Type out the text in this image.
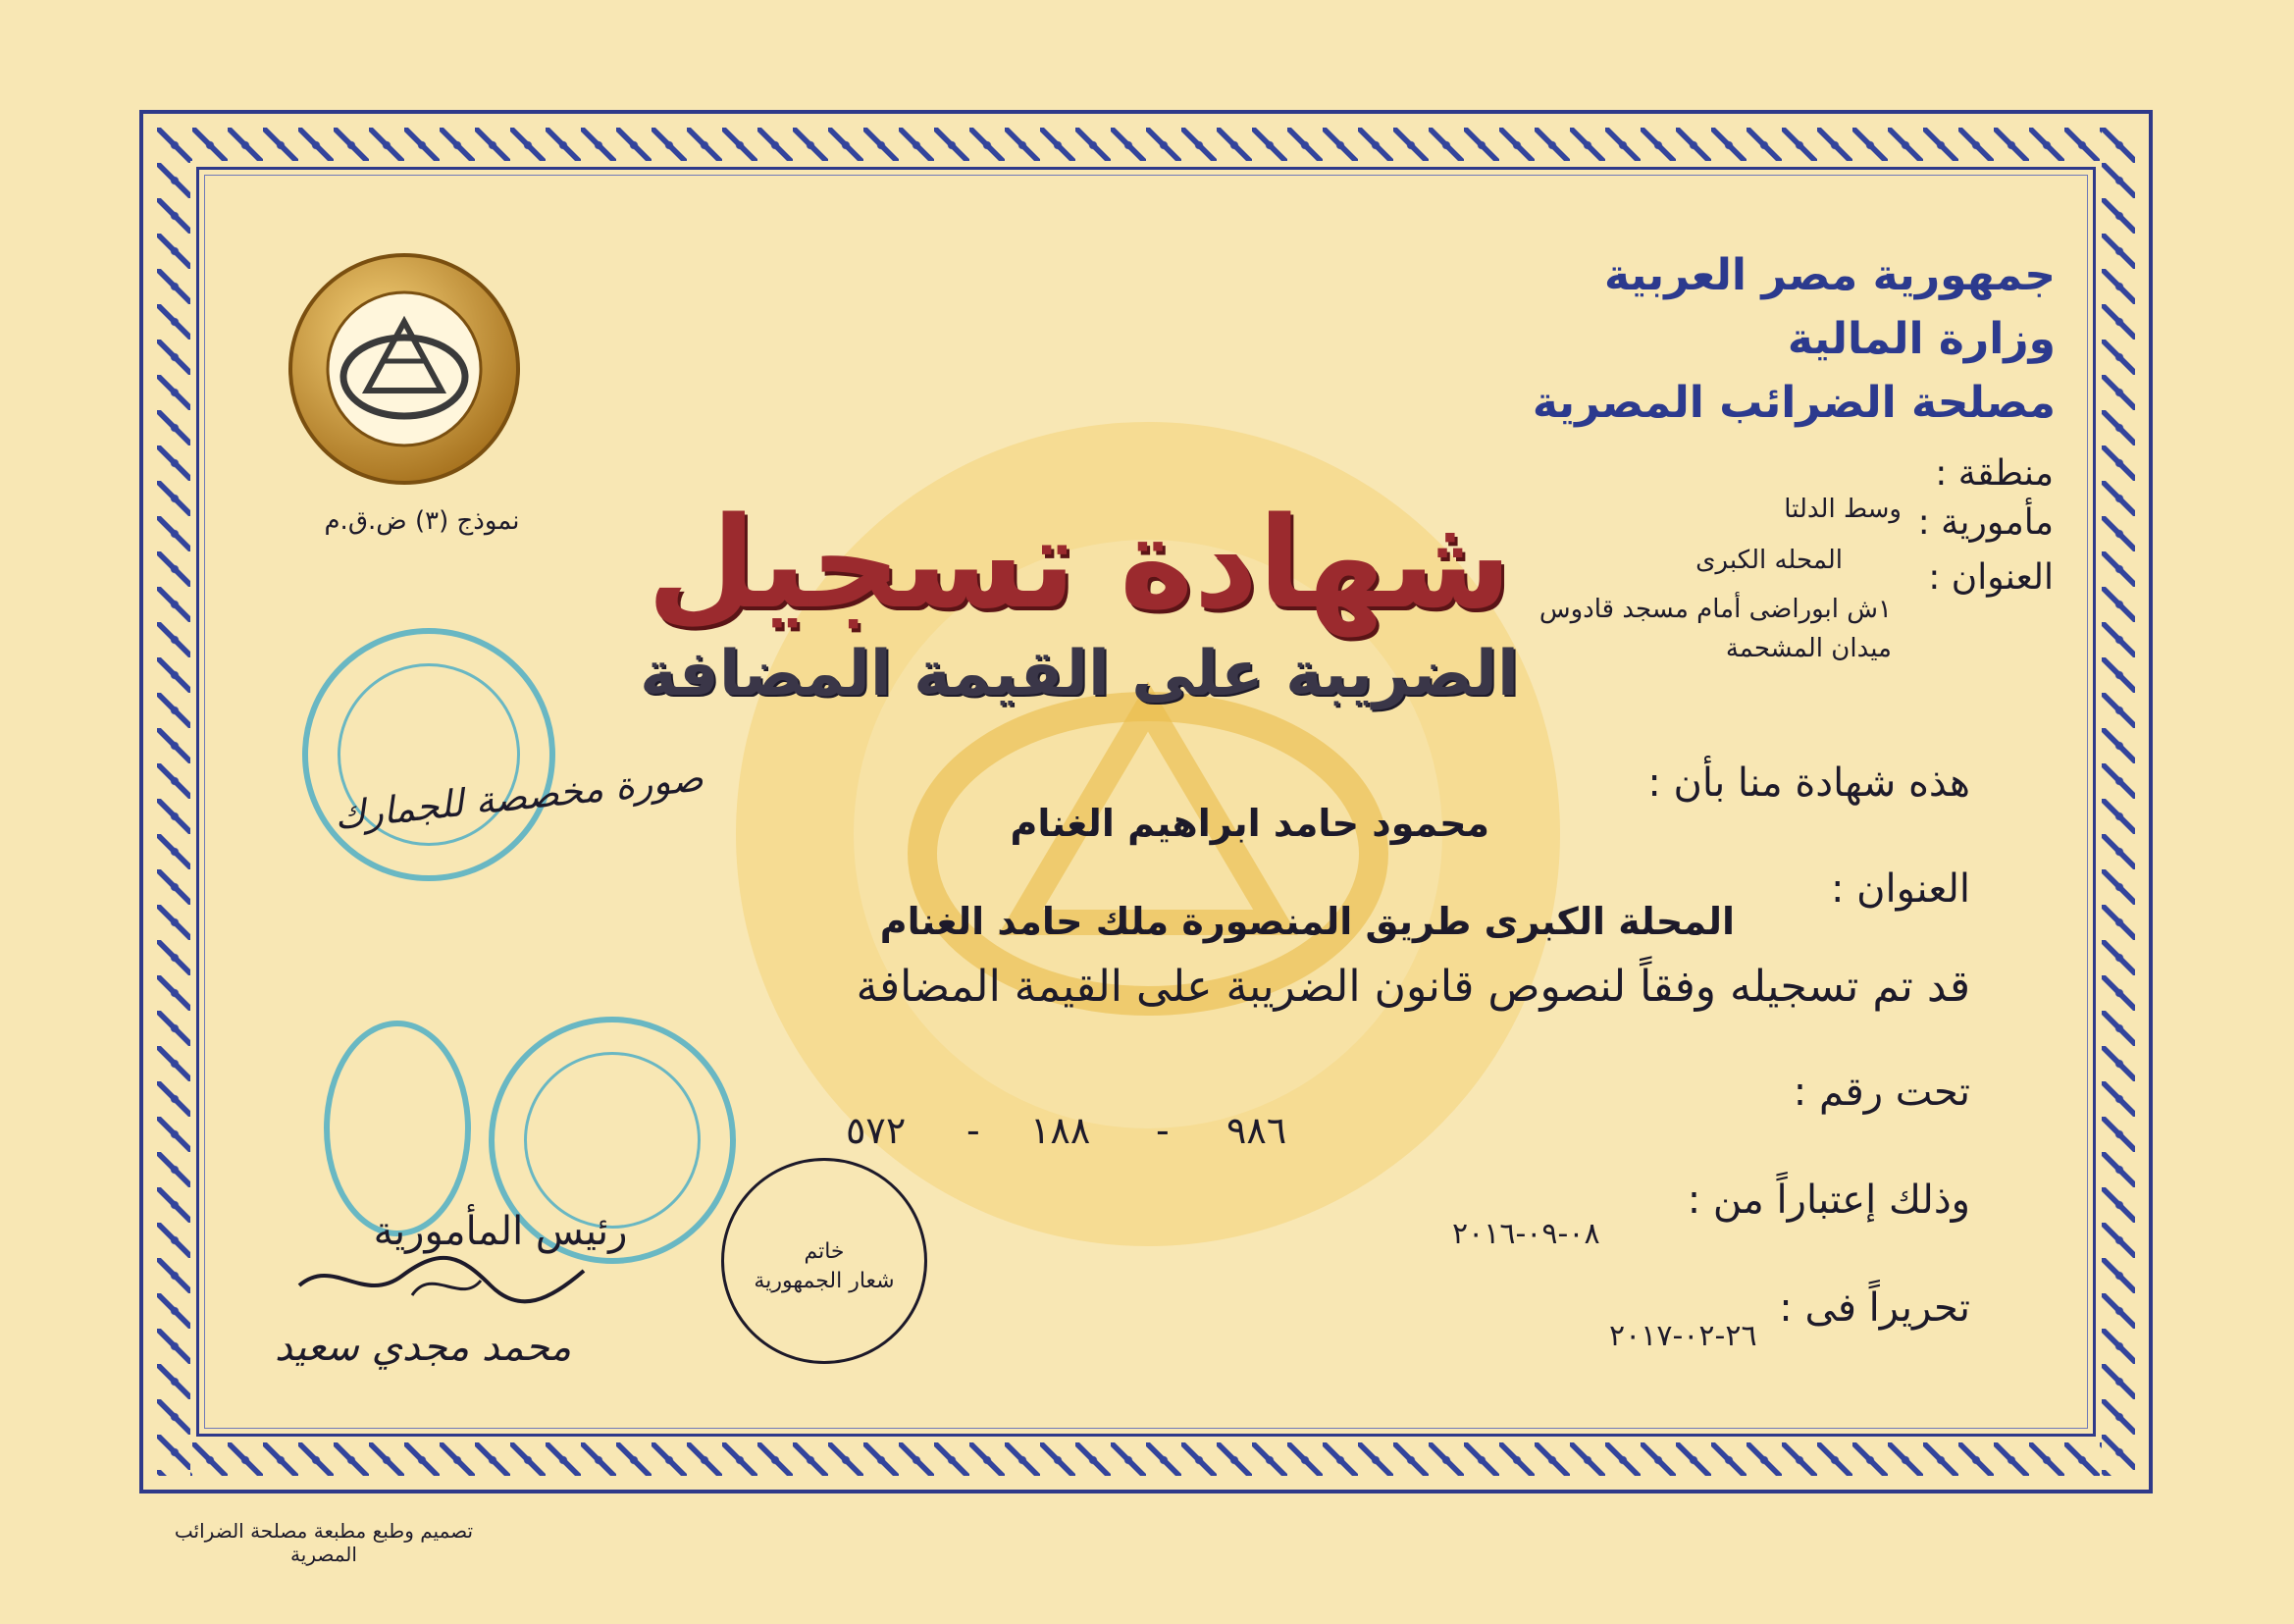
جمهورية مصر العربية
وزارة المالية
مصلحة الضرائب المصرية
منطقة :
مأمورية :
وسط الدلتا
العنوان :
المحله الكبرى
١ش ابوراضى أمام مسجد قادوس
ميدان المشحمة
نموذج (٣) ض.ق.م	شهادة تسجيل
الضريبة على القيمة المضافة
صورة مخصصة للجمارك	هذه شهادة منا بأن :
محمود حامد ابراهيم الغنام
العنوان :
المحلة الكبرى طريق المنصورة ملك حامد الغنام
قد تم تسجيله وفقاً لنصوص قانون الضريبة على القيمة المضافة
تحت رقم :
٩٨٦
-
١٨٨
-
٥٧٢
وذلك إعتباراً من :
٠٨-٠٩-٢٠١٦
تحريراً فى :
٢٦-٠٢-٢٠١٧
خاتم
شعار الجمهورية
رئيس المأمورية
محمد مجدي سعيد
تصميم وطبع مطبعة مصلحة الضرائب المصرية
